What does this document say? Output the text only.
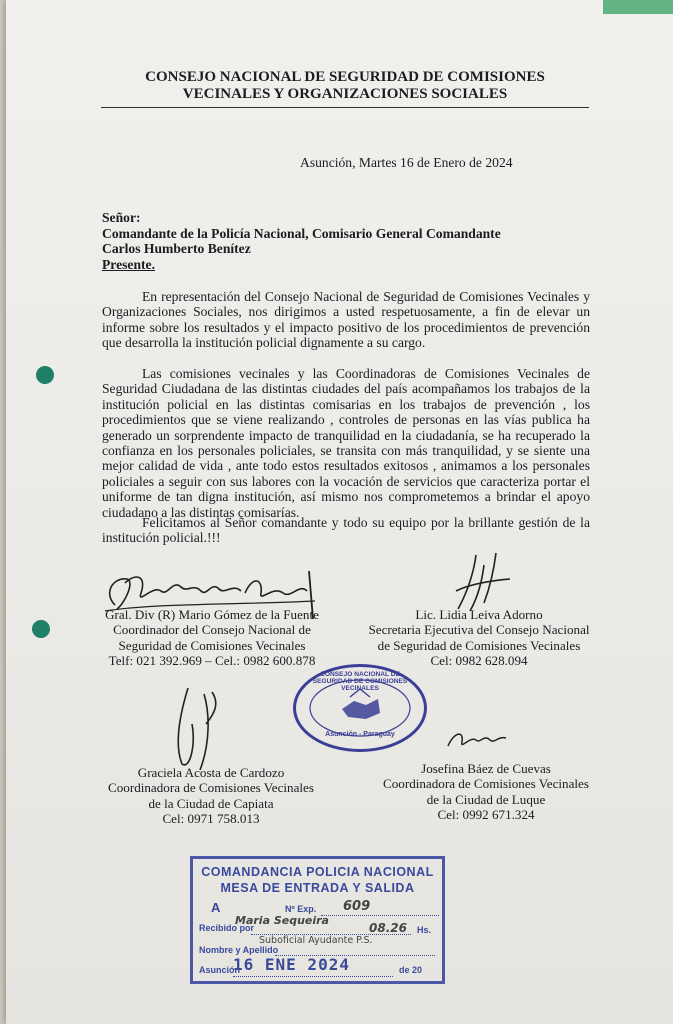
CONSEJO NACIONAL DE SEGURIDAD DE COMISIONES
VECINALES Y ORGANIZACIONES SOCIALES
Asunción, Martes 16 de Enero de 2024
Señor:
Comandante de la Policía Nacional, Comisario General Comandante
Carlos Humberto Benítez
Presente.
En representación del Consejo Nacional de Seguridad de Comisiones Vecinales y Organizaciones Sociales, nos dirigimos a usted respetuosamente, a fin de elevar un informe sobre los resultados y el impacto positivo de los procedimientos de prevención que desarrolla la institución policial dignamente a su cargo.
Las comisiones vecinales y las Coordinadoras de Comisiones Vecinales de Seguridad Ciudadana de las distintas ciudades del país acompañamos los trabajos de la institución policial en las distintas comisarias en los trabajos de prevención , los procedimientos que se viene realizando , controles de personas en las vías publica ha generado un sorprendente impacto de tranquilidad en la ciudadanía, se ha recuperado la confianza en los personales policiales, se transita con más tranquilidad, y se siente una mejor calidad de vida , ante todo estos resultados exitosos , animamos a los personales policiales a seguir con sus labores con la vocación de servicios que caracteriza portar el uniforme de tan digna institución, así mismo nos comprometemos a brindar el apoyo ciudadano a las distintas comisarías.
Felicitamos al Señor comandante y todo su equipo por la brillante gestión de la institución policial.!!!
Gral. Div (R) Mario Gómez de la Fuente
Coordinador del Consejo Nacional de
Seguridad de Comisiones Vecinales
Telf: 021 392.969 – Cel.: 0982 600.878
Lic. Lidia Leiva Adorno
Secretaria Ejecutiva del Consejo Nacional
de Seguridad de Comisiones Vecinales
Cel: 0982 628.094
CONSEJO NACIONAL DE SEGURIDAD DE COMISIONES VECINALES
Asunción - Paraguay
Graciela Acosta de Cardozo
Coordinadora de Comisiones Vecinales
de la Ciudad de Capiata
Cel: 0971 758.013
Josefina Báez de Cuevas
Coordinadora de Comisiones Vecinales
de la Ciudad de Luque
Cel: 0992 671.324
COMANDANCIA POLICIA NACIONAL
MESA DE ENTRADA Y SALIDA
A	Nº Exp. 609
Recibido por
Maria Sequeira
08.26 Hs.
Suboficial Ayudante P.S.
Nombre y Apellido
Asunción
16 ENE 2024	de 20
